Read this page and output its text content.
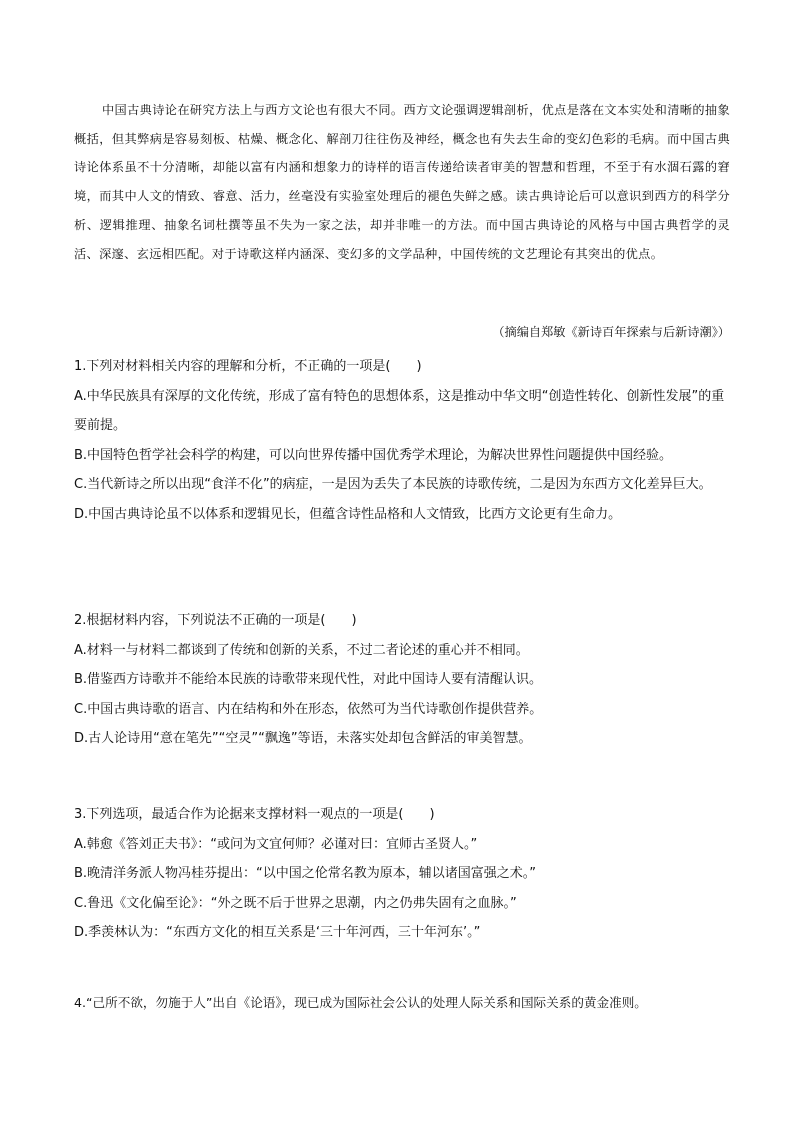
中国古典诗论在研究方法上与西方文论也有很大不同。西方文论强调逻辑剖析，优点是落在文本实处和清晰的抽象概括，但其弊病是容易刻板、枯燥、概念化、解剖刀往往伤及神经，概念也有失去生命的变幻色彩的毛病。而中国古典诗论体系虽不十分清晰，却能以富有内涵和想象力的诗样的语言传递给读者审美的智慧和哲理，不至于有水涸石露的窘境，而其中人文的情致、睿意、活力，丝毫没有实验室处理后的褪色失鲜之感。读古典诗论后可以意识到西方的科学分析、逻辑推理、抽象名词杜撰等虽不失为一家之法，却并非唯一的方法。而中国古典诗论的风格与中国古典哲学的灵活、深邃、玄远相匹配。对于诗歌这样内涵深、变幻多的文学品种，中国传统的文艺理论有其突出的优点。

（摘编自郑敏《新诗百年探索与后新诗潮》）

1.下列对材料相关内容的理解和分析，不正确的一项是(　　)
A.中华民族具有深厚的文化传统，形成了富有特色的思想体系，这是推动中华文明“创造性转化、创新性发展”的重要前提。
B.中国特色哲学社会科学的构建，可以向世界传播中国优秀学术理论，为解决世界性问题提供中国经验。
C.当代新诗之所以出现“食洋不化”的病症，一是因为丢失了本民族的诗歌传统，二是因为东西方文化差异巨大。
D.中国古典诗论虽不以体系和逻辑见长，但蕴含诗性品格和人文情致，比西方文论更有生命力。
2.根据材料内容，下列说法不正确的一项是(　　)
A.材料一与材料二都谈到了传统和创新的关系，不过二者论述的重心并不相同。
B.借鉴西方诗歌并不能给本民族的诗歌带来现代性，对此中国诗人要有清醒认识。
C.中国古典诗歌的语言、内在结构和外在形态，依然可为当代诗歌创作提供营养。
D.古人论诗用“意在笔先”“空灵”“飘逸”等语，未落实处却包含鲜活的审美智慧。
3.下列选项，最适合作为论据来支撑材料一观点的一项是(　　)
A.韩愈《答刘正夫书》：“或问为文宜何师？必谨对曰：宜师古圣贤人。”
B.晚清洋务派人物冯桂芬提出：“以中国之伦常名教为原本，辅以诸国富强之术。”
C.鲁迅《文化偏至论》：“外之既不后于世界之思潮，内之仍弗失固有之血脉。”
D.季羡林认为：“东西方文化的相互关系是‘三十年河西，三十年河东’。”
4.“己所不欲，勿施于人”出自《论语》，现已成为国际社会公认的处理人际关系和国际关系的黄金准则。
